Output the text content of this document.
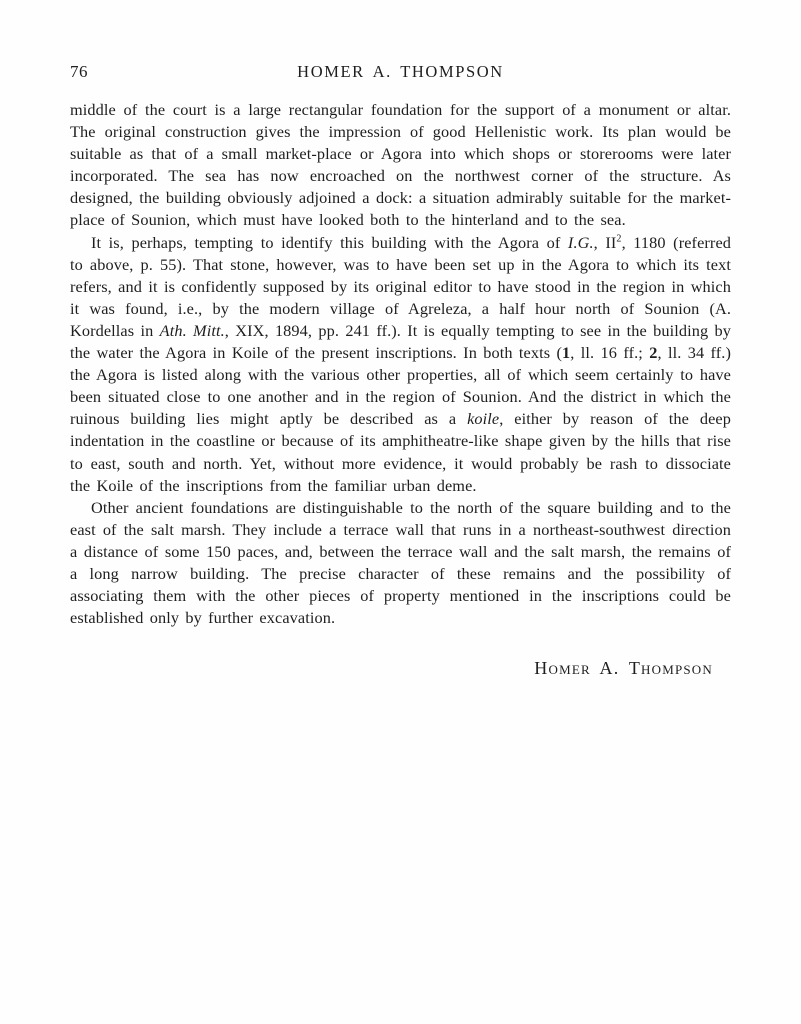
76	HOMER A. THOMPSON

middle of the court is a large rectangular foundation for the support of a monument or altar. The original construction gives the impression of good Hellenistic work. Its plan would be suitable as that of a small market-place or Agora into which shops or storerooms were later incorporated. The sea has now encroached on the northwest corner of the structure. As designed, the building obviously adjoined a dock: a situation admirably suitable for the market-place of Sounion, which must have looked both to the hinterland and to the sea.

It is, perhaps, tempting to identify this building with the Agora of I.G., $II^2$, 1180 (referred to above, p. 55). That stone, however, was to have been set up in the Agora to which its text refers, and it is confidently supposed by its original editor to have stood in the region in which it was found, i.e., by the modern village of Agreleza, a half hour north of Sounion (A. Kordellas in Ath. Mitt., XIX, 1894, pp. 241 ff.). It is equally tempting to see in the building by the water the Agora in Koile of the present inscriptions. In both texts (1, ll. 16 ff.; 2, ll. 34 ff.) the Agora is listed along with the various other properties, all of which seem certainly to have been situated close to one another and in the region of Sounion. And the district in which the ruinous building lies might aptly be described as a koile, either by reason of the deep indentation in the coastline or because of its amphitheatre-like shape given by the hills that rise to east, south and north. Yet, without more evidence, it would probably be rash to dissociate the Koile of the inscriptions from the familiar urban deme.

Other ancient foundations are distinguishable to the north of the square building and to the east of the salt marsh. They include a terrace wall that runs in a northeast-southwest direction a distance of some 150 paces, and, between the terrace wall and the salt marsh, the remains of a long narrow building. The precise character of these remains and the possibility of associating them with the other pieces of property mentioned in the inscriptions could be established only by further excavation.

Homer A. Thompson
